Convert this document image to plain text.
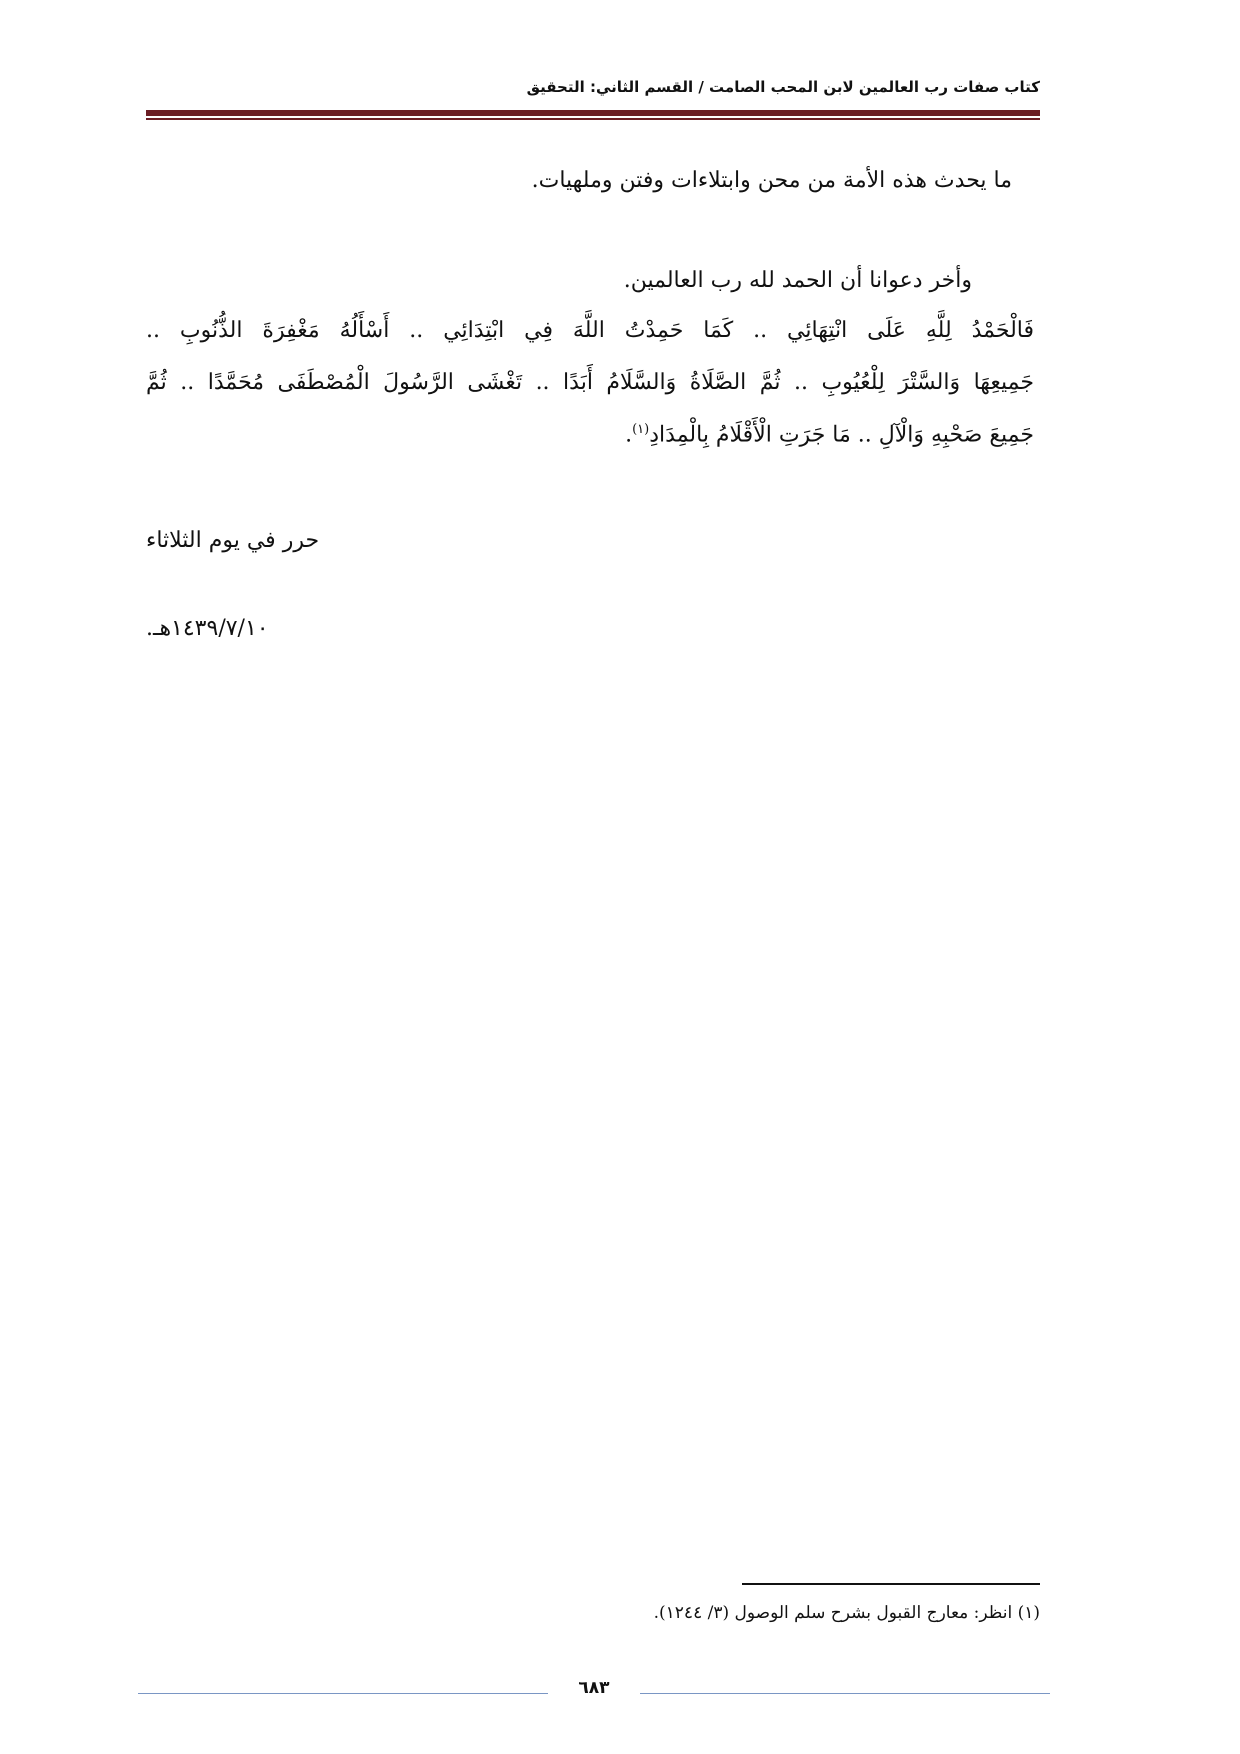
كتاب صفات رب العالمين لابن المحب الصامت / القسم الثاني: التحقيق
ما يحدث هذه الأمة من محن وابتلاءات وفتن وملهيات.
وأخر دعوانا أن الحمد لله رب العالمين.
فَالْحَمْدُ لِلَّهِ عَلَى انْتِهَائِي .. كَمَا حَمِدْتُ اللَّهَ فِي ابْتِدَائِي .. أَسْأَلُهُ مَغْفِرَةَ الذُّنُوبِ ..
جَمِيعِهَا وَالسَّتْرَ لِلْعُيُوبِ .. ثُمَّ الصَّلَاةُ وَالسَّلَامُ أَبَدًا .. تَغْشَى الرَّسُولَ الْمُصْطَفَى مُحَمَّدًا .. ثُمَّ
جَمِيعَ صَحْبِهِ وَالْآلِ .. مَا جَرَتِ الْأَقْلَامُ بِالْمِدَادِ$^{(١)}$.
حرر في يوم الثلاثاء
١٤٣٩/٧/١٠هـ.
(١) انظر: معارج القبول بشرح سلم الوصول (٣/ ١٢٤٤).
٦٨٣
